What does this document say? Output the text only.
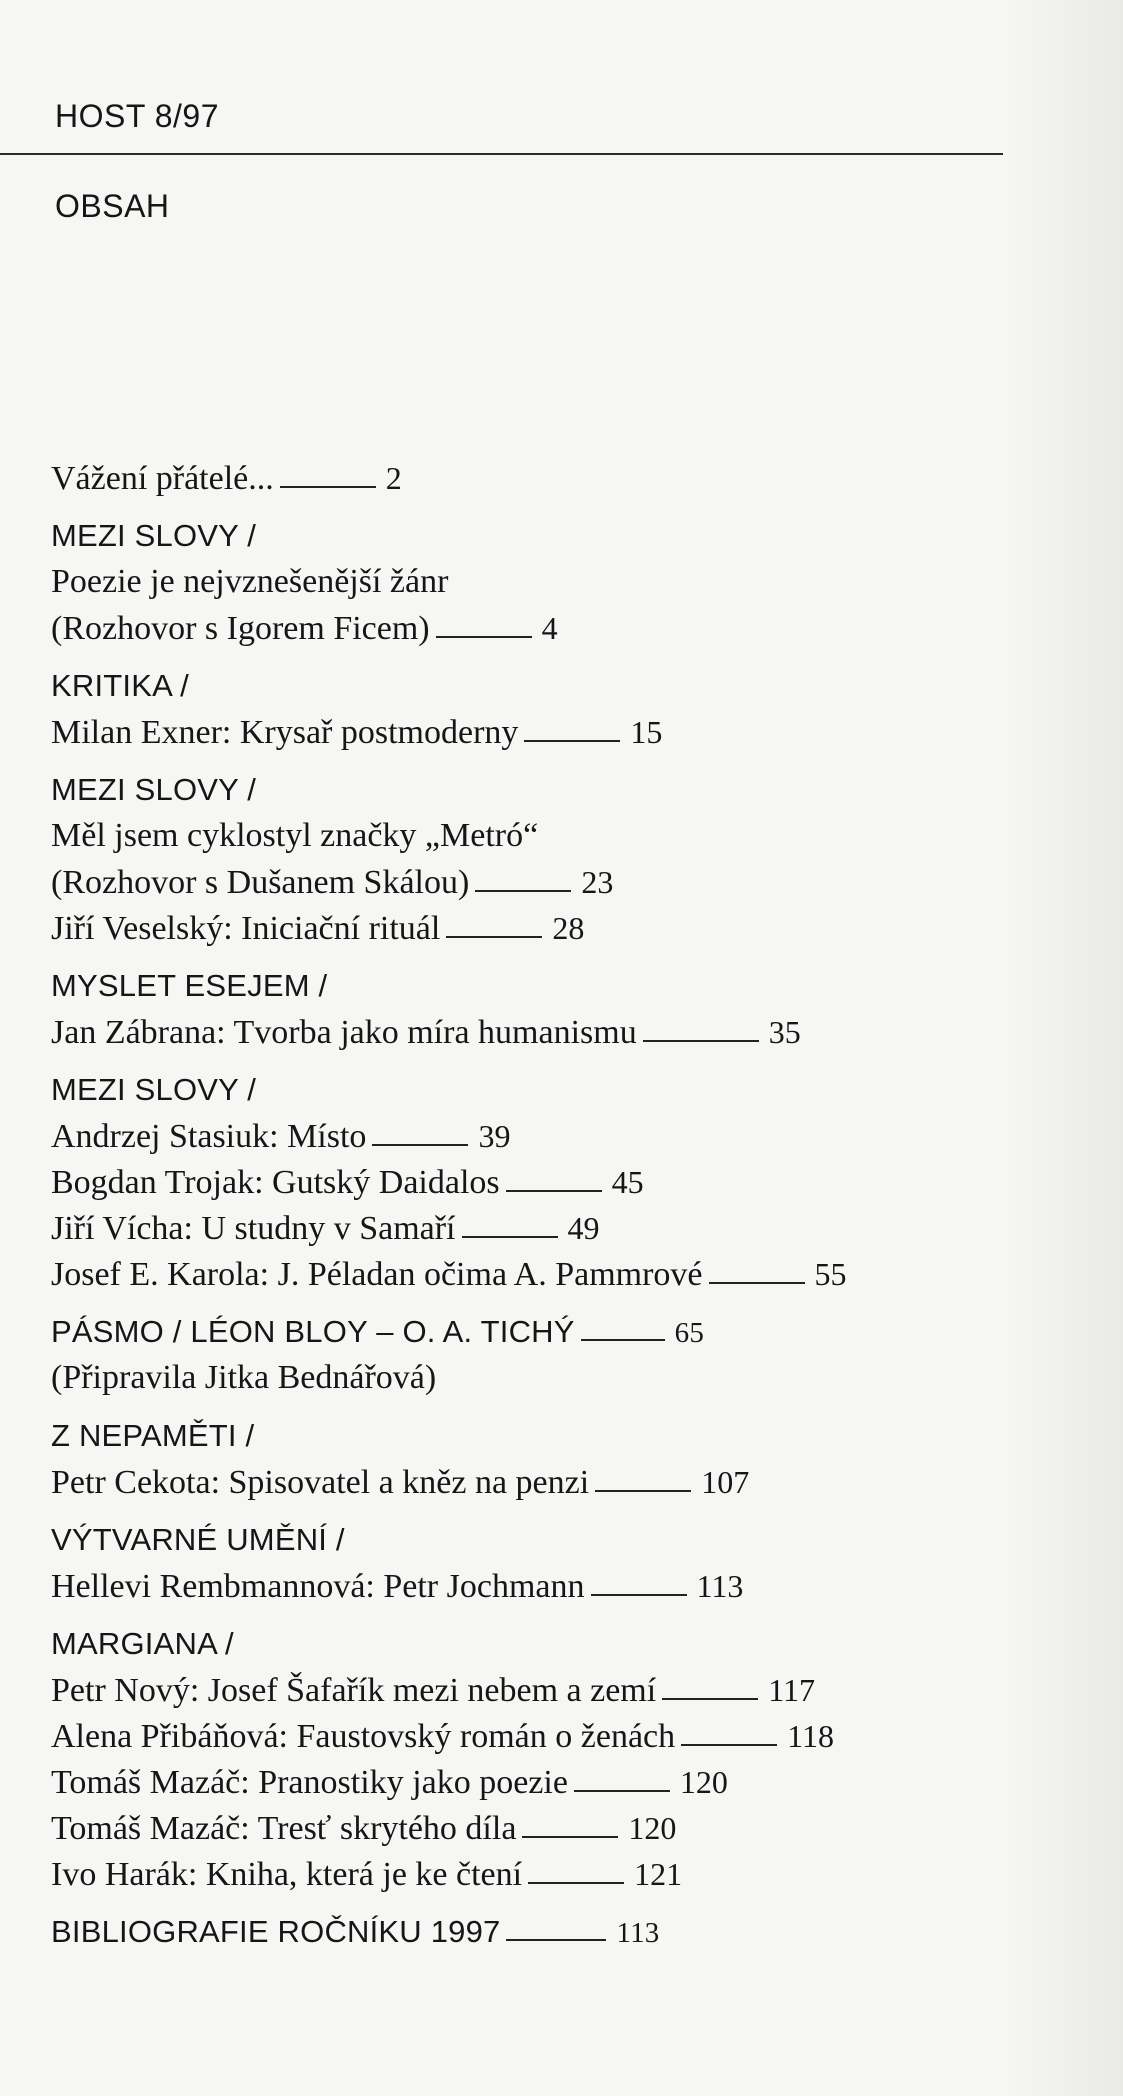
HOST 8/97
OBSAH
Vážení přátelé...	2
MEZI SLOVY /
Poezie je nejvznešenější žánr
(Rozhovor s Igorem Ficem)	4
KRITIKA /
Milan Exner: Krysař postmoderny	15
MEZI SLOVY /
Měl jsem cyklostyl značky „Metró“
(Rozhovor s Dušanem Skálou)	23
Jiří Veselský: Iniciační rituál	28
MYSLET ESEJEM /
Jan Zábrana: Tvorba jako míra humanismu	35
MEZI SLOVY /
Andrzej Stasiuk: Místo	39
Bogdan Trojak: Gutský Daidalos	45
Jiří Vícha: U studny v Samaří	49
Josef E. Karola: J. Péladan očima A. Pammrové	55
PÁSMO / LÉON BLOY – O. A. TICHÝ	65
(Připravila Jitka Bednářová)
Z NEPAMĚTI /
Petr Cekota: Spisovatel a kněz na penzi	107
VÝTVARNÉ UMĚNÍ /
Hellevi Rembmannová: Petr Jochmann	113
MARGIANA /
Petr Nový: Josef Šafařík mezi nebem a zemí	117
Alena Přibáňová: Faustovský román o ženách	118
Tomáš Mazáč: Pranostiky jako poezie	120
Tomáš Mazáč: Tresť skrytého díla	120
Ivo Harák: Kniha, která je ke čtení	121
BIBLIOGRAFIE ROČNÍKU 1997	113
